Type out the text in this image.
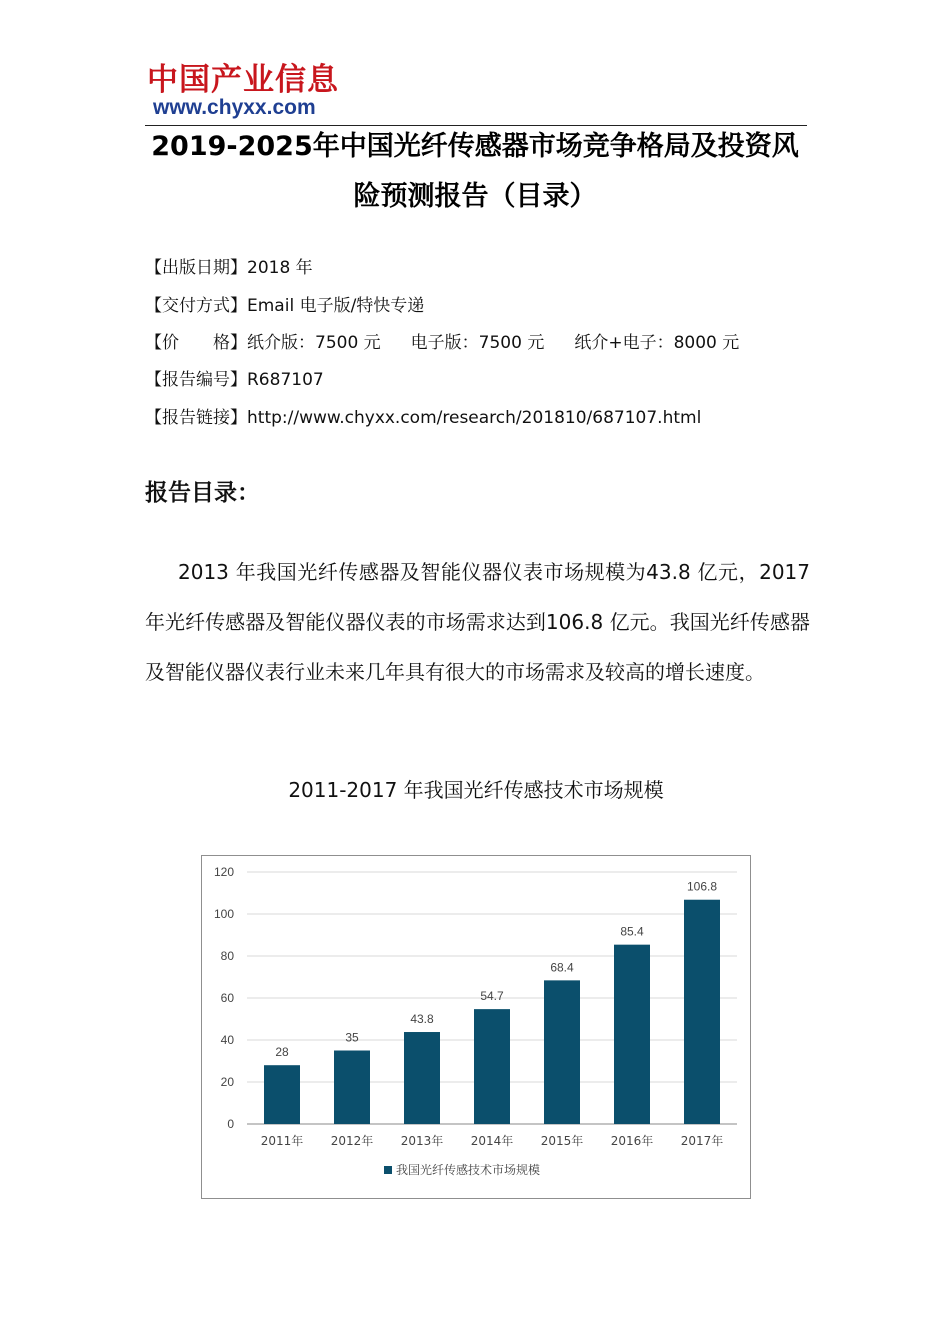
中国产业信息
www.chyxx.com
2019-2025年中国光纤传感器市场竞争格局及投资风险预测报告（目录）
【出版日期】2018 年
【交付方式】Email 电子版/特快专递
【价　　格】纸介版：7500 元 电子版：7500 元 纸介+电子：8000 元
【报告编号】R687107
【报告链接】http://www.chyxx.com/research/201810/687107.html
报告目录：
2013 年我国光纤传感器及智能仪器仪表市场规模为43.8 亿元，2017 年光纤传感器及智能仪器仪表的市场需求达到106.8 亿元。我国光纤传感器及智能仪器仪表行业未来几年具有很大的市场需求及较高的增长速度。
2011-2017 年我国光纤传感技术市场规模
0
20
40
60
80
100
120
28
2011年
35
2012年
43.8
2013年
54.7
2014年
68.4
2015年
85.4
2016年
106.8
2017年
我国光纤传感技术市场规模
